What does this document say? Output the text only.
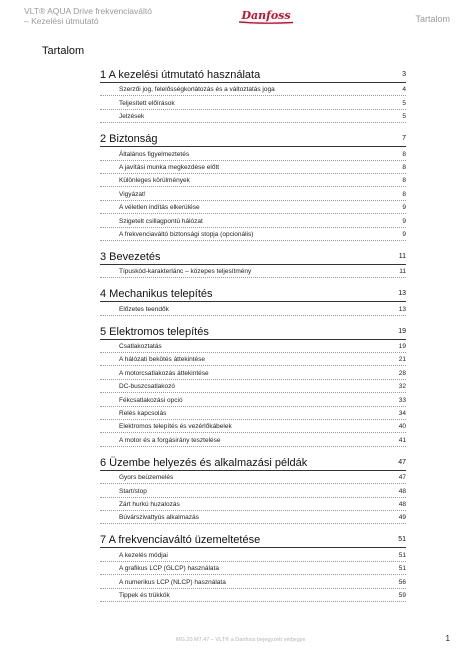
VLT® AQUA Drive frekvenciaváltó
– Kezelési útmutató	Danfoss	Tartalom
Tartalom
1 A kezelési útmutató használata	3
Szerzői jog, felelősségkorlátozás és a változtatás joga	4
Teljesített előírások	5
Jelzések	5
2 Biztonság	7
Általános figyelmeztetés	8
A javítási munka megkezdése előtt	8
Különleges körülmények	8
Vigyázat!	8
A véletlen indítás elkerülése	9
Szigetelt csillagpontú hálózat	9
A frekvenciaváltó biztonsági stopja (opcionális)	9
3 Bevezetés	11
Típuskód-karakterlánc – közepes teljesítmény	11
4 Mechanikus telepítés	13
Előzetes teendők	13
5 Elektromos telepítés	19
Csatlakoztatás	19
A hálózati bekötés áttekintése	21
A motorcsatlakozás áttekintése	28
DC-buszcsatlakozó	32
Fékcsatlakozási opció	33
Relés kapcsolás	34
Elektromos telepítés és vezérlőkábelek	40
A motor és a forgásirány tesztelése	41
6 Üzembe helyezés és alkalmazási példák	47
Gyors beüzemelés	47
Start/stop	48
Zárt hurkú huzalozás	48
Búvárszivattyús alkalmazás	49
7 A frekvenciaváltó üzemeltetése	51
A kezelés módjai	51
A grafikus LCP (GLCP) használata	51
A numerikus LCP (NLCP) használata	56
Tippek és trükkök	59
MG.20.M7.47 – VLT® a Danfoss bejegyzett védjegye	1
